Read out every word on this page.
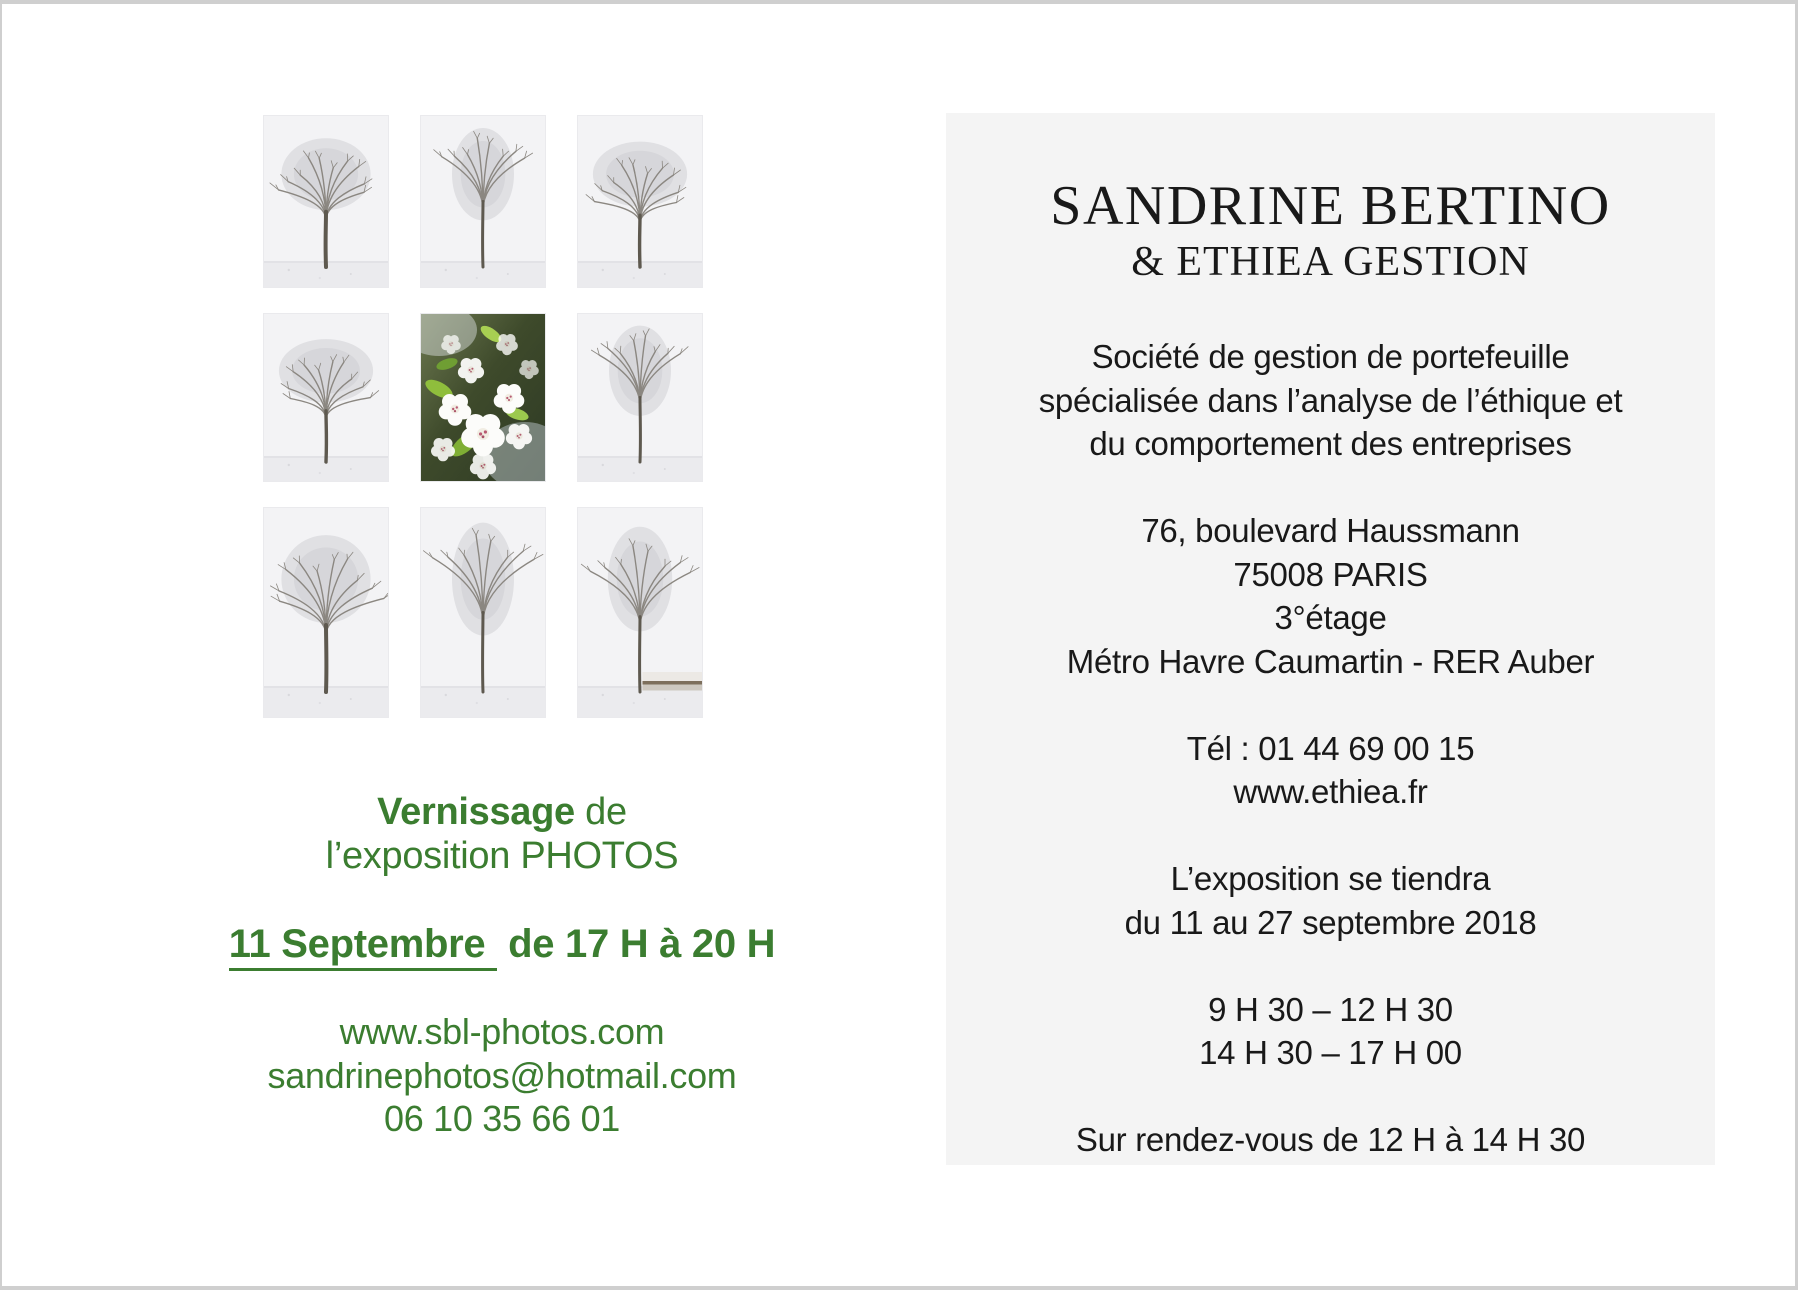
Vernissage de
l’exposition PHOTOS
11 Septembre de 17 H à 20 H
www.sbl-photos.com
sandrinephotos@hotmail.com
06 10 35 66 01
SANDRINE BERTINO
& ETHIEA GESTION
Société de gestion de portefeuille
spécialisée dans l’analyse de l’éthique et
du comportement des entreprises
76, boulevard Haussmann
75008 PARIS
3°étage
Métro Havre Caumartin - RER Auber
Tél : 01 44 69 00 15
www.ethiea.fr
L’exposition se tiendra
du 11 au 27 septembre 2018
9 H 30 – 12 H 30
14 H 30 – 17 H 00
Sur rendez-vous de 12 H à 14 H 30
